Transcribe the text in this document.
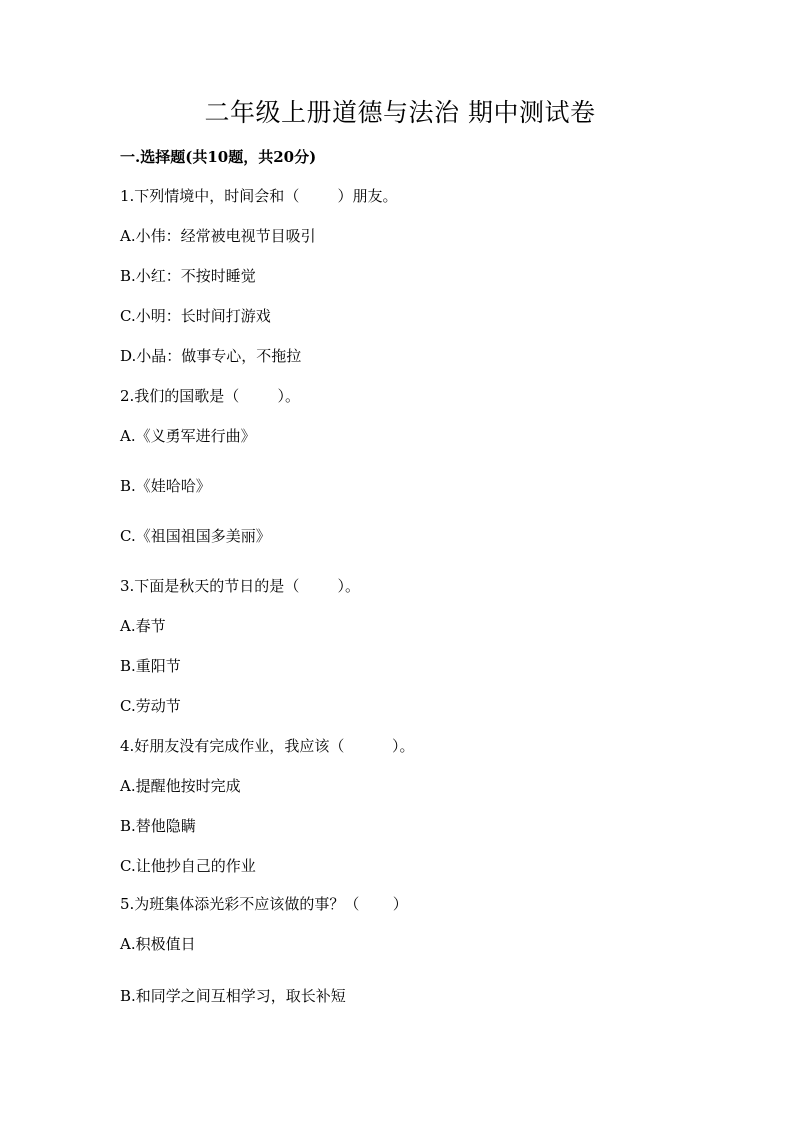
二年级上册道德与法治 期中测试卷
一.选择题(共10题，共20分)
1.下列情境中，时间会和（        ）朋友。
A.小伟：经常被电视节目吸引
B.小红：不按时睡觉
C.小明：长时间打游戏
D.小晶：做事专心，不拖拉
2.我们的国歌是（        ）。
A.《义勇军进行曲》
B.《娃哈哈》
C.《祖国祖国多美丽》
3.下面是秋天的节日的是（        ）。
A.春节
B.重阳节
C.劳动节
4.好朋友没有完成作业，我应该（          ）。
A.提醒他按时完成
B.替他隐瞒
C.让他抄自己的作业
5.为班集体添光彩不应该做的事？（       ）
A.积极值日
B.和同学之间互相学习，取长补短
